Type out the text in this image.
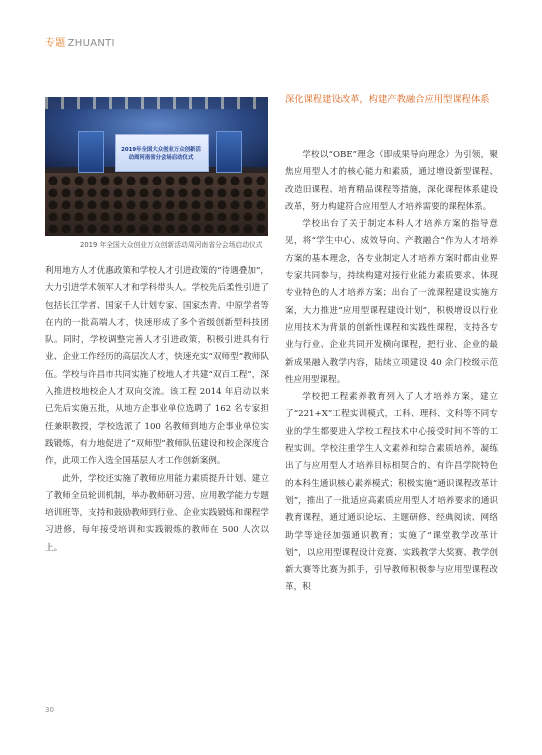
专题 ZHUANTI
2019年全国大众创业万众创新活动周河南省分会场启动仪式
2019 年全国大众创业万众创新活动周河南省分会场启动仪式
深化课程建设改革，构建产教融合应用型课程体系

利用地方人才优惠政策和学校人才引进政策的“待遇叠加”，大力引进学术领军人才和学科带头人。学校先后柔性引进了包括长江学者、国家千人计划专家、国家杰青、中原学者等在内的一批高端人才，快速形成了多个省级创新型科技团队。同时，学校调整完善人才引进政策，积极引进具有行业、企业工作经历的高层次人才，快速充实“双师型”教师队伍。学校与许昌市共同实施了校地人才共建“双百工程”，深入推进校地校企人才双向交流。该工程 2014 年启动以来已先后实施五批，从地方企事业单位选聘了 162 名专家担任兼职教授，学校选派了 100 名教师到地方企事业单位实践锻炼，有力地促进了“双师型”教师队伍建设和校企深度合作，此项工作入选全国基层人才工作创新案例。

此外，学校还实施了教师应用能力素质提升计划、建立了教师全员轮训机制，举办教师研习营、应用教学能力专题培训班等，支持和鼓励教师到行业、企业实践锻炼和课程学习进修，每年接受培训和实践锻炼的教师在 500 人次以上。

学校以“OBE”理念（即成果导向理念）为引领，聚焦应用型人才的核心能力和素质，通过增设新型课程、改造旧课程、培育精品课程等措施，深化课程体系建设改革，努力构建符合应用型人才培养需要的课程体系。

学校出台了关于制定本科人才培养方案的指导意见，将“学生中心、成效导向、产教融合”作为人才培养方案的基本理念，各专业制定人才培养方案时都由业界专家共同参与，持续构建对接行业能力素质要求、体现专业特色的人才培养方案；出台了一流课程建设实施方案，大力推进“应用型课程建设计划”，积极增设以行业应用技术为背景的创新性课程和实践性课程，支持各专业与行业、企业共同开发横向课程，把行业、企业的最新成果融入教学内容，陆续立项建设 40 余门校级示范性应用型课程。

学校把工程素养教育列入了人才培养方案，建立了“221+X”工程实训模式，工科、理科、文科等不同专业的学生都要进入学校工程技术中心接受时间不等的工程实训。学校注重学生人文素养和综合素质培养，凝练出了与应用型人才培养目标相契合的、有许昌学院特色的本科生通识核心素养模式；积极实施“通识课程改革计划”，推出了一批适应高素质应用型人才培养要求的通识教育课程，通过通识论坛、主题研修、经典阅读、网络助学等途径加强通识教育；实施了“课堂教学改革计划”，以应用型课程设计竞赛、实践教学大奖赛、教学创新大赛等比赛为抓手，引导教师积极参与应用型课程改革，积

30
